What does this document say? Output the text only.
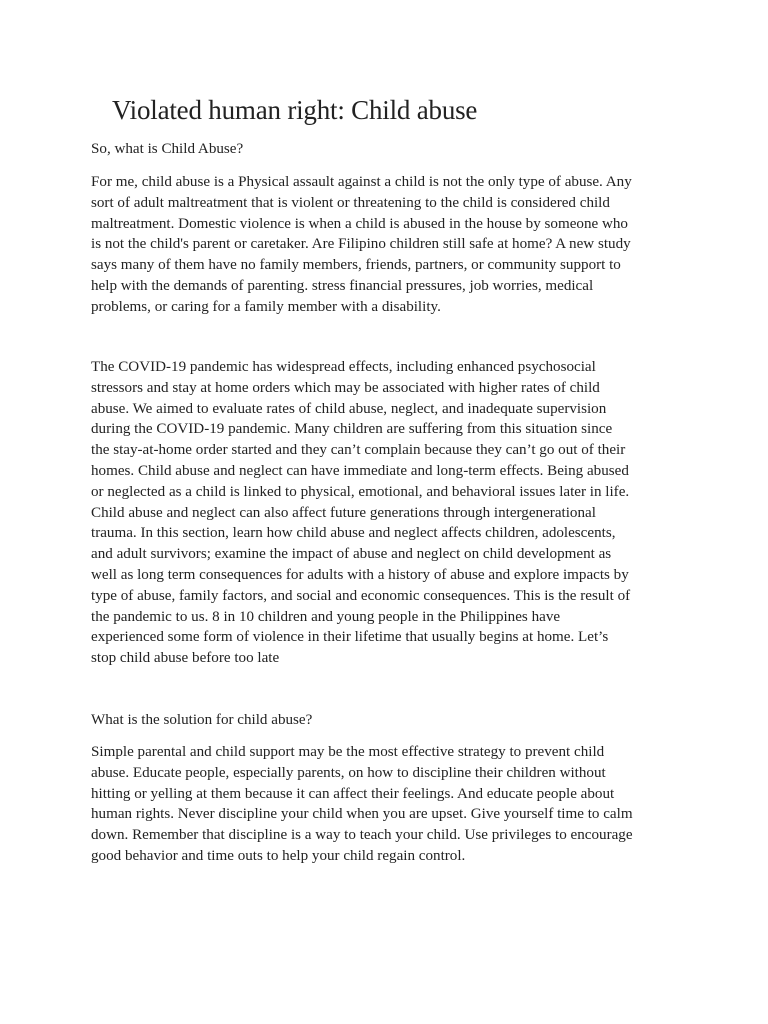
Violated human right: Child abuse

So, what is Child Abuse?

For me, child abuse is a Physical assault against a child is not the only type of abuse. Any
sort of adult maltreatment that is violent or threatening to the child is considered child
maltreatment. Domestic violence is when a child is abused in the house by someone who
is not the child's parent or caretaker. Are Filipino children still safe at home? A new study
says many of them have no family members, friends, partners, or community support to
help with the demands of parenting. stress financial pressures, job worries, medical
problems, or caring for a family member with a disability.

The COVID-19 pandemic has widespread effects, including enhanced psychosocial
stressors and stay at home orders which may be associated with higher rates of child
abuse. We aimed to evaluate rates of child abuse, neglect, and inadequate supervision
during the COVID-19 pandemic. Many children are suffering from this situation since
the stay-at-home order started and they can’t complain because they can’t go out of their
homes. Child abuse and neglect can have immediate and long-term effects. Being abused
or neglected as a child is linked to physical, emotional, and behavioral issues later in life.
Child abuse and neglect can also affect future generations through intergenerational
trauma. In this section, learn how child abuse and neglect affects children, adolescents,
and adult survivors; examine the impact of abuse and neglect on child development as
well as long term consequences for adults with a history of abuse and explore impacts by
type of abuse, family factors, and social and economic consequences. This is the result of
the pandemic to us. 8 in 10 children and young people in the Philippines have
experienced some form of violence in their lifetime that usually begins at home. Let’s
stop child abuse before too late

What is the solution for child abuse?

Simple parental and child support may be the most effective strategy to prevent child
abuse. Educate people, especially parents, on how to discipline their children without
hitting or yelling at them because it can affect their feelings. And educate people about
human rights. Never discipline your child when you are upset. Give yourself time to calm
down. Remember that discipline is a way to teach your child. Use privileges to encourage
good behavior and time outs to help your child regain control.
